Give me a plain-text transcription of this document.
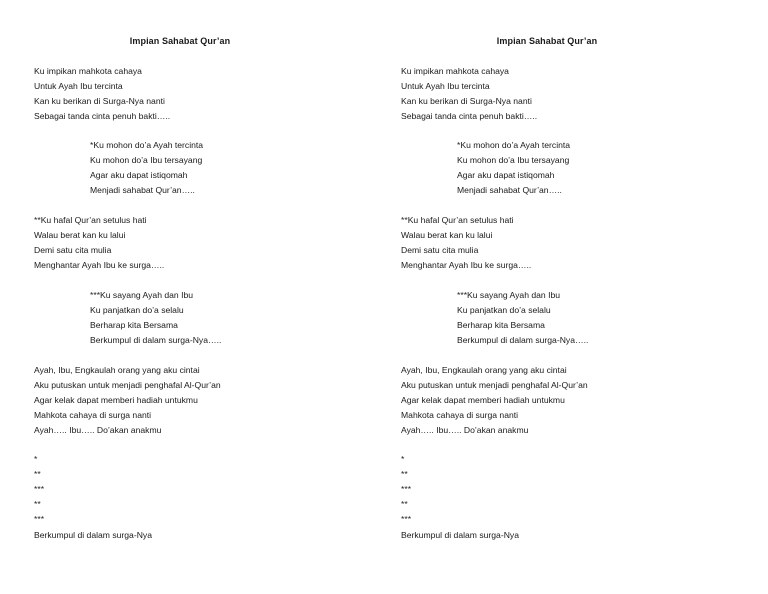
Impian Sahabat Qur’an
Ku impikan mahkota cahaya
Untuk Ayah Ibu tercinta
Kan ku berikan di Surga-Nya nanti
Sebagai tanda cinta penuh bakti…..
*Ku mohon do’a Ayah tercinta
Ku mohon do’a Ibu tersayang
Agar aku dapat istiqomah
Menjadi sahabat Qur’an…..
**Ku hafal Qur’an setulus hati
Walau berat kan ku lalui
Demi satu cita mulia
Menghantar Ayah Ibu ke surga…..
***Ku sayang Ayah dan Ibu
Ku panjatkan do’a selalu
Berharap kita Bersama
Berkumpul di dalam surga-Nya…..
Ayah, Ibu, Engkaulah orang yang aku cintai
Aku putuskan untuk menjadi penghafal Al-Qur’an
Agar kelak dapat memberi hadiah untukmu
Mahkota cahaya di surga nanti
Ayah….. Ibu….. Do’akan anakmu
*
**
***
**
***
Berkumpul di dalam surga-Nya
Impian Sahabat Qur’an
Ku impikan mahkota cahaya
Untuk Ayah Ibu tercinta
Kan ku berikan di Surga-Nya nanti
Sebagai tanda cinta penuh bakti…..
*Ku mohon do’a Ayah tercinta
Ku mohon do’a Ibu tersayang
Agar aku dapat istiqomah
Menjadi sahabat Qur’an…..
**Ku hafal Qur’an setulus hati
Walau berat kan ku lalui
Demi satu cita mulia
Menghantar Ayah Ibu ke surga…..
***Ku sayang Ayah dan Ibu
Ku panjatkan do’a selalu
Berharap kita Bersama
Berkumpul di dalam surga-Nya…..
Ayah, Ibu, Engkaulah orang yang aku cintai
Aku putuskan untuk menjadi penghafal Al-Qur’an
Agar kelak dapat memberi hadiah untukmu
Mahkota cahaya di surga nanti
Ayah….. Ibu….. Do’akan anakmu
*
**
***
**
***
Berkumpul di dalam surga-Nya
